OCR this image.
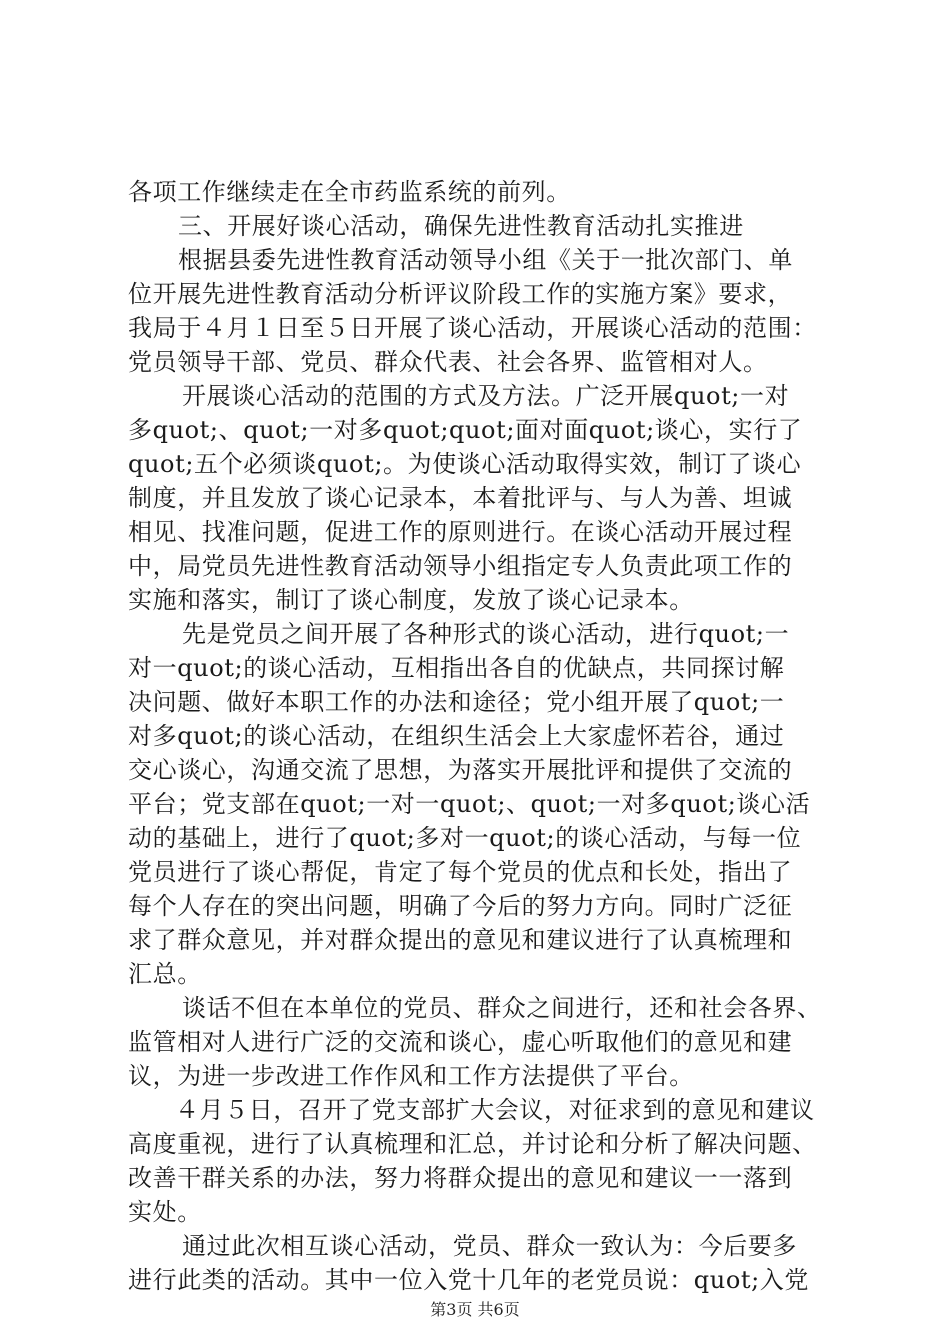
各项工作继续走在全市药监系统的前列。
三、开展好谈心活动，确保先进性教育活动扎实推进
根据县委先进性教育活动领导小组《关于一批次部门、单
位开展先进性教育活动分析评议阶段工作的实施方案》要求，
我局于４月１日至５日开展了谈心活动，开展谈心活动的范围：
党员领导干部、党员、群众代表、社会各界、监管相对人。
开展谈心活动的范围的方式及方法。广泛开展quot;一对
多quot;、quot;一对多quot;quot;面对面quot;谈心，实行了
quot;五个必须谈quot;。为使谈心活动取得实效，制订了谈心
制度，并且发放了谈心记录本，本着批评与、与人为善、坦诚
相见、找准问题，促进工作的原则进行。在谈心活动开展过程
中，局党员先进性教育活动领导小组指定专人负责此项工作的
实施和落实，制订了谈心制度，发放了谈心记录本。
先是党员之间开展了各种形式的谈心活动，进行quot;一
对一quot;的谈心活动，互相指出各自的优缺点，共同探讨解
决问题、做好本职工作的办法和途径；党小组开展了quot;一
对多quot;的谈心活动，在组织生活会上大家虚怀若谷，通过
交心谈心，沟通交流了思想，为落实开展批评和提供了交流的
平台；党支部在quot;一对一quot;、quot;一对多quot;谈心活
动的基础上，进行了quot;多对一quot;的谈心活动，与每一位
党员进行了谈心帮促，肯定了每个党员的优点和长处，指出了
每个人存在的突出问题，明确了今后的努力方向。同时广泛征
求了群众意见，并对群众提出的意见和建议进行了认真梳理和
汇总。
谈话不但在本单位的党员、群众之间进行，还和社会各界、
监管相对人进行广泛的交流和谈心，虚心听取他们的意见和建
议，为进一步改进工作作风和工作方法提供了平台。
４月５日，召开了党支部扩大会议，对征求到的意见和建议
高度重视，进行了认真梳理和汇总，并讨论和分析了解决问题、
改善干群关系的办法，努力将群众提出的意见和建议一一落到
实处。
通过此次相互谈心活动，党员、群众一致认为：今后要多
进行此类的活动。其中一位入党十几年的老党员说：quot;入党
第3页 共6页
